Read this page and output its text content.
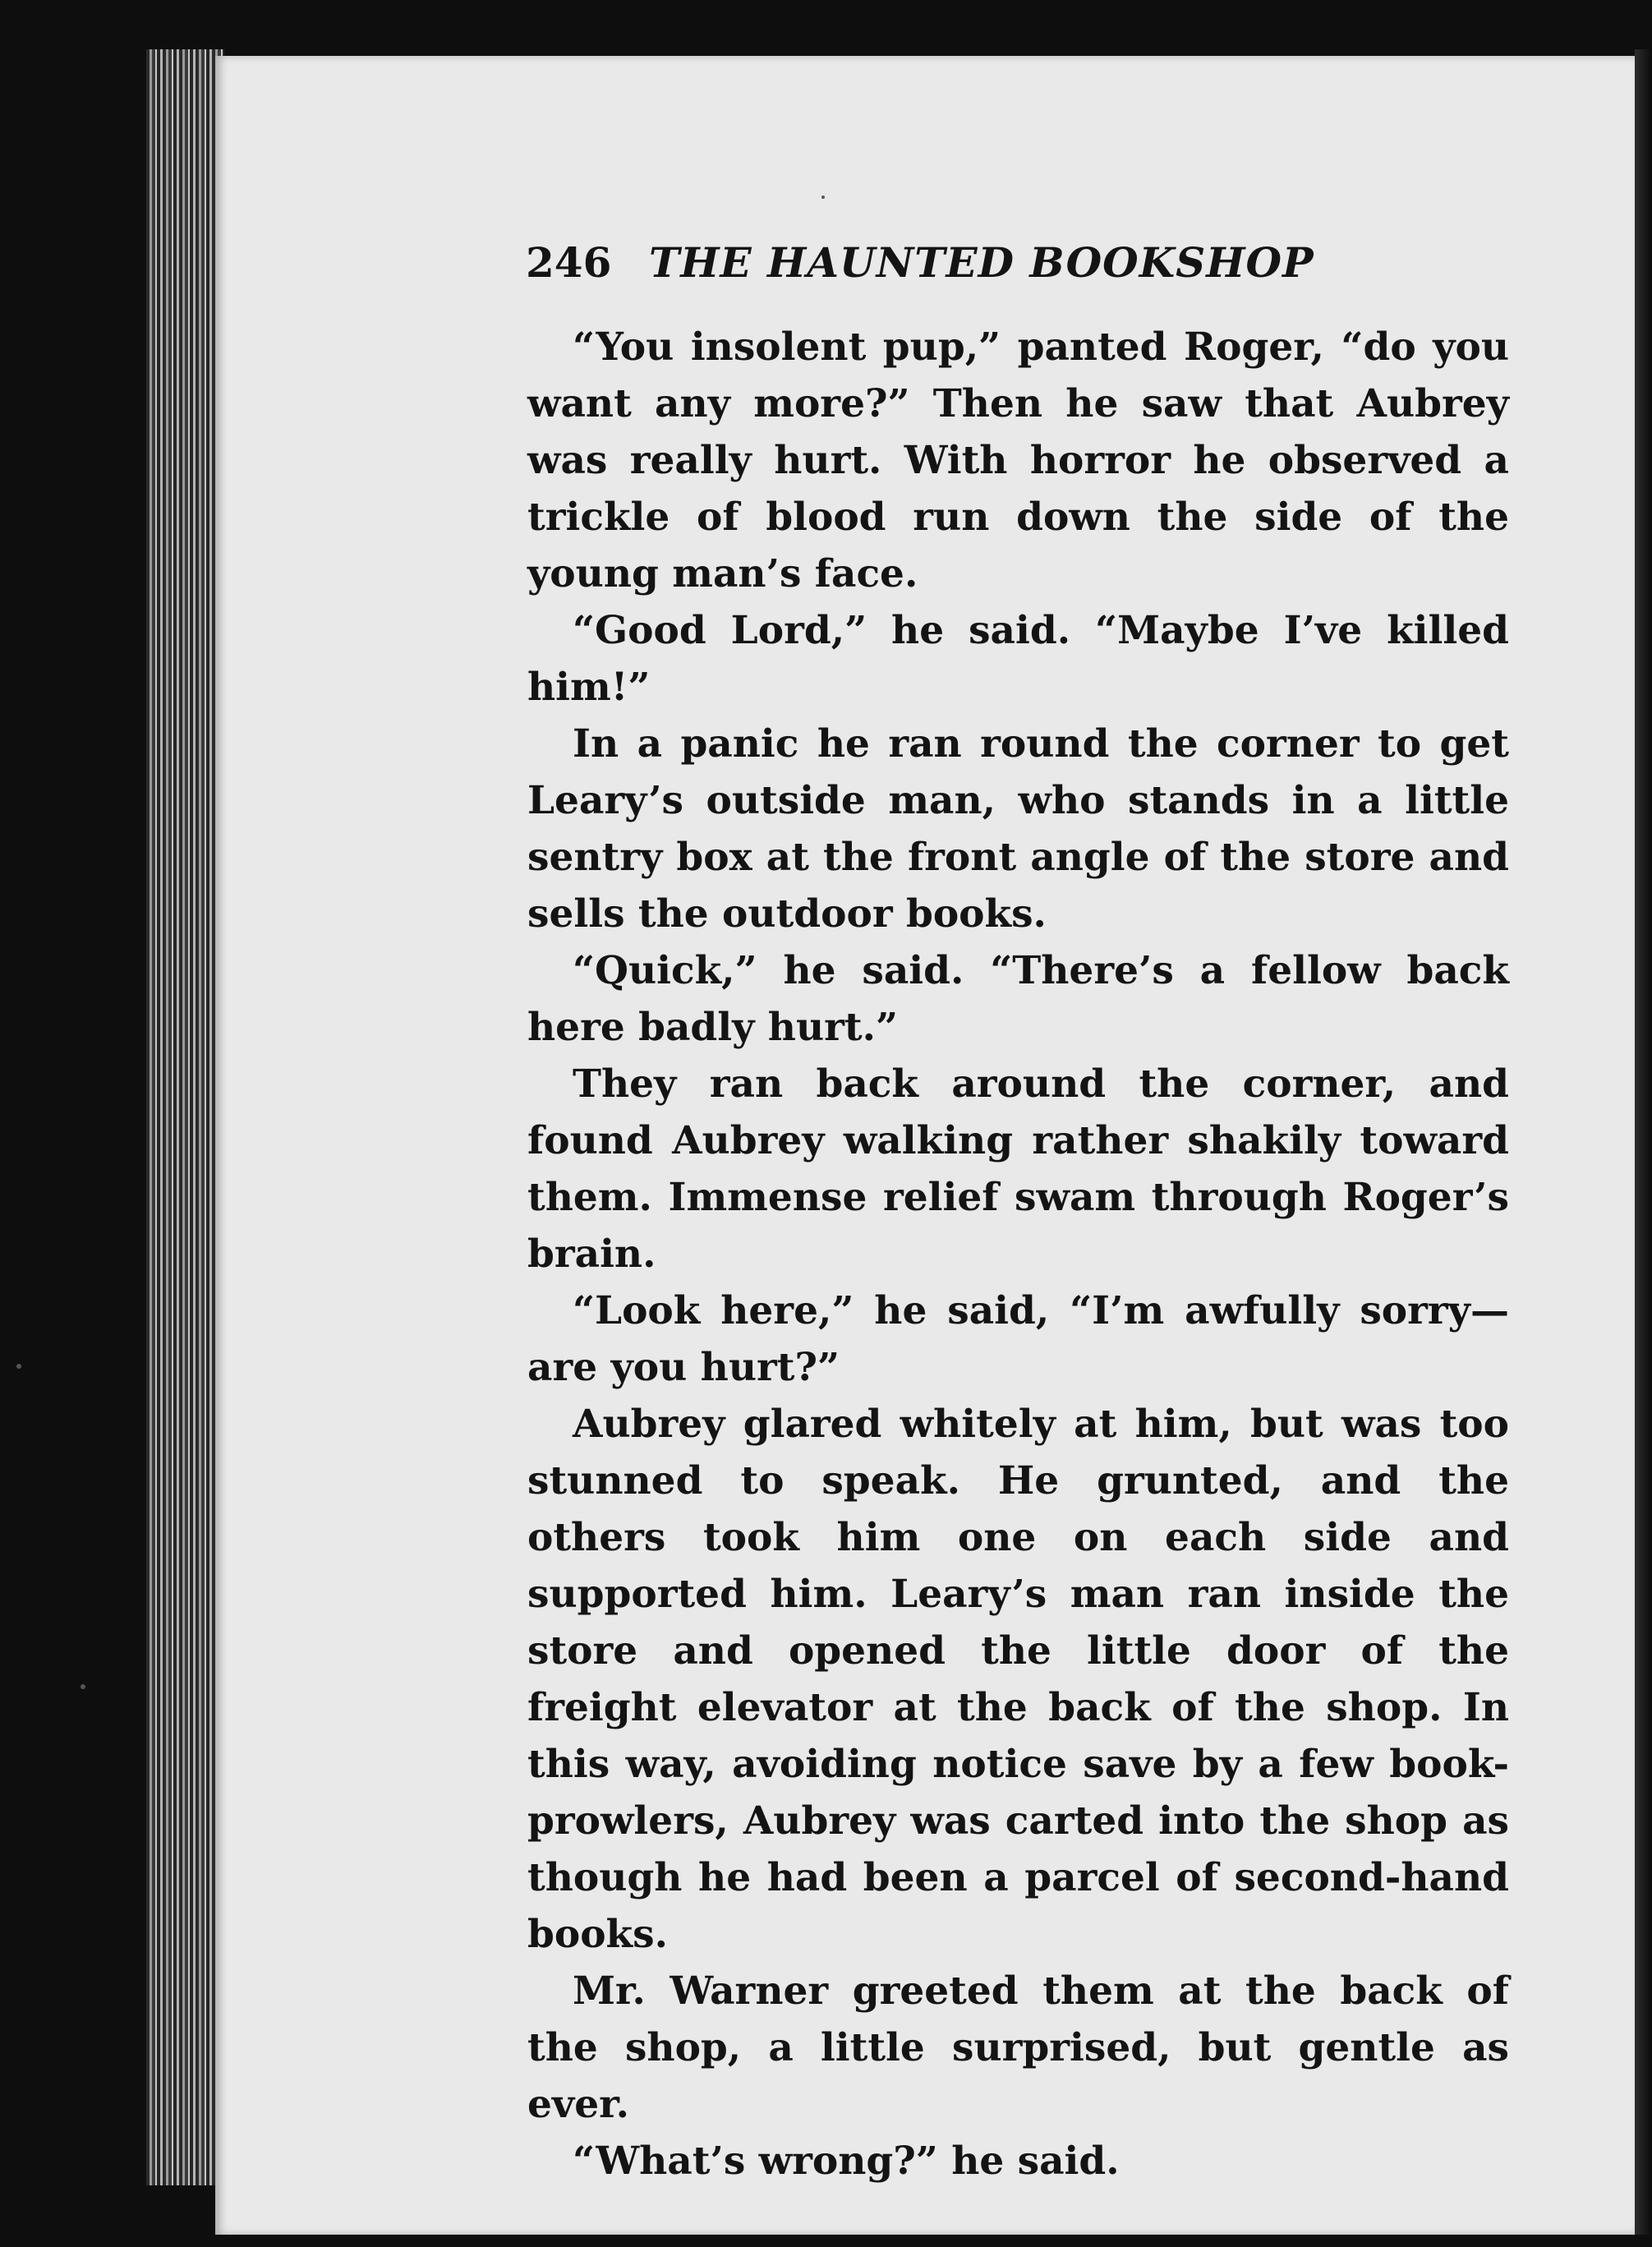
246 THE HAUNTED BOOKSHOP

“You insolent pup,” panted Roger, “do you want any more?” Then he saw that Aubrey was really hurt. With horror he observed a trickle of blood run down the side of the young man’s face.

“Good Lord,” he said. “Maybe I’ve killed him!”

In a panic he ran round the corner to get Leary’s outside man, who stands in a little sentry box at the front angle of the store and sells the outdoor books.

“Quick,” he said. “There’s a fellow back here badly hurt.”

They ran back around the corner, and found Aubrey walking rather shakily toward them. Immense relief swam through Roger’s brain.

“Look here,” he said, “I’m awfully sorry—are you hurt?”

Aubrey glared whitely at him, but was too stunned to speak. He grunted, and the others took him one on each side and supported him. Leary’s man ran inside the store and opened the little door of the freight elevator at the back of the shop. In this way, avoiding notice save by a few book-prowlers, Aubrey was carted into the shop as though he had been a parcel of second-hand books.

Mr. Warner greeted them at the back of the shop, a little surprised, but gentle as ever.

“What’s wrong?” he said.
